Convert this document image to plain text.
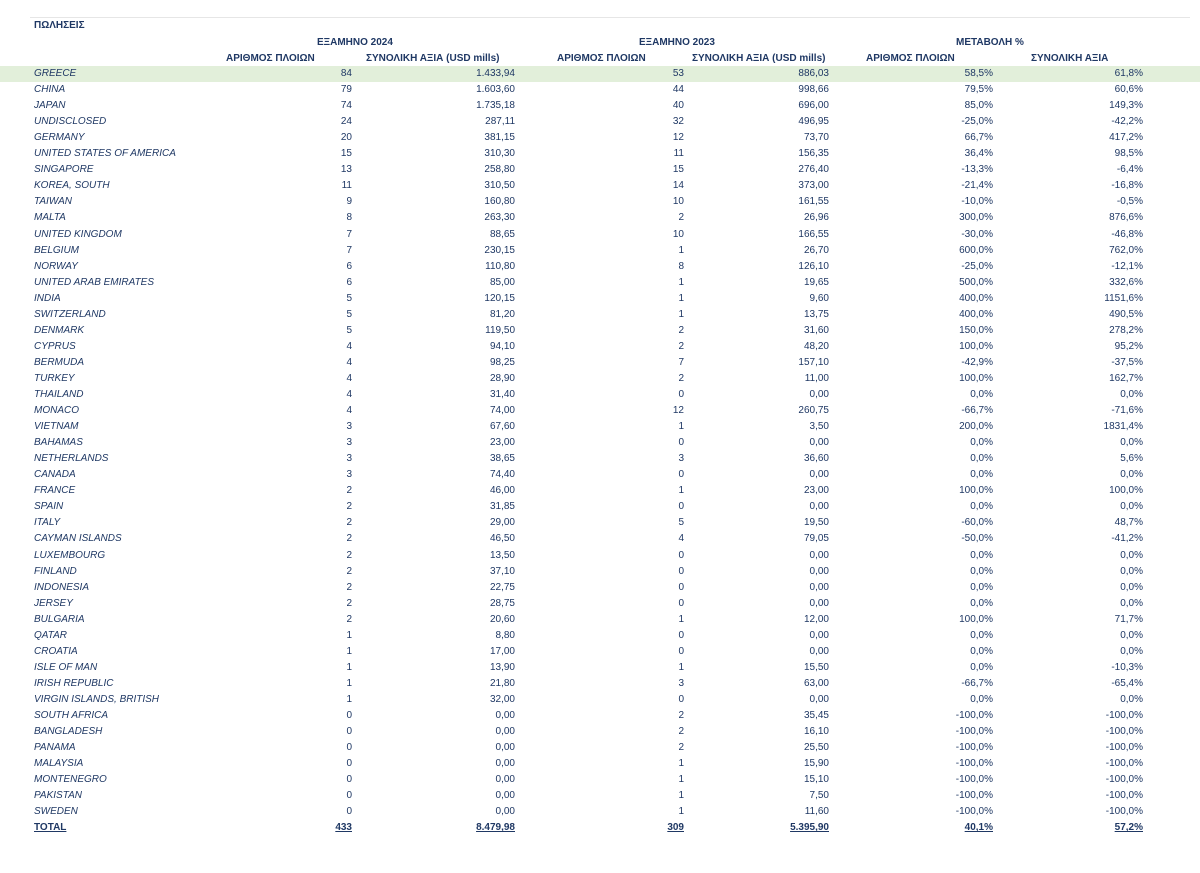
ΠΩΛΗΣΕΙΣ
ΕΞΑΜΗΝΟ 2024	ΕΞΑΜΗΝΟ 2023	ΜΕΤΑΒΟΛΗ %
ΑΡΙΘΜΟΣ ΠΛΟΙΩΝ	ΣΥΝΟΛΙΚΗ ΑΞΙΑ (USD mills)	ΑΡΙΘΜΟΣ ΠΛΟΙΩΝ	ΣΥΝΟΛΙΚΗ ΑΞΙΑ (USD mills)	ΑΡΙΘΜΟΣ ΠΛΟΙΩΝ	ΣΥΝΟΛΙΚΗ ΑΞΙΑ
GREECE	84	1.433,94	53	886,03	58,5%	61,8%
CHINA	79	1.603,60	44	998,66	79,5%	60,6%
JAPAN	74	1.735,18	40	696,00	85,0%	149,3%
UNDISCLOSED	24	287,11	32	496,95	-25,0%	-42,2%
GERMANY	20	381,15	12	73,70	66,7%	417,2%
UNITED STATES OF AMERICA	15	310,30	11	156,35	36,4%	98,5%
SINGAPORE	13	258,80	15	276,40	-13,3%	-6,4%
KOREA, SOUTH	11	310,50	14	373,00	-21,4%	-16,8%
TAIWAN	9	160,80	10	161,55	-10,0%	-0,5%
MALTA	8	263,30	2	26,96	300,0%	876,6%
UNITED KINGDOM	7	88,65	10	166,55	-30,0%	-46,8%
BELGIUM	7	230,15	1	26,70	600,0%	762,0%
NORWAY	6	110,80	8	126,10	-25,0%	-12,1%
UNITED ARAB EMIRATES	6	85,00	1	19,65	500,0%	332,6%
INDIA	5	120,15	1	9,60	400,0%	1151,6%
SWITZERLAND	5	81,20	1	13,75	400,0%	490,5%
DENMARK	5	119,50	2	31,60	150,0%	278,2%
CYPRUS	4	94,10	2	48,20	100,0%	95,2%
BERMUDA	4	98,25	7	157,10	-42,9%	-37,5%
TURKEY	4	28,90	2	11,00	100,0%	162,7%
THAILAND	4	31,40	0	0,00	0,0%	0,0%
MONACO	4	74,00	12	260,75	-66,7%	-71,6%
VIETNAM	3	67,60	1	3,50	200,0%	1831,4%
BAHAMAS	3	23,00	0	0,00	0,0%	0,0%
NETHERLANDS	3	38,65	3	36,60	0,0%	5,6%
CANADA	3	74,40	0	0,00	0,0%	0,0%
FRANCE	2	46,00	1	23,00	100,0%	100,0%
SPAIN	2	31,85	0	0,00	0,0%	0,0%
ITALY	2	29,00	5	19,50	-60,0%	48,7%
CAYMAN ISLANDS	2	46,50	4	79,05	-50,0%	-41,2%
LUXEMBOURG	2	13,50	0	0,00	0,0%	0,0%
FINLAND	2	37,10	0	0,00	0,0%	0,0%
INDONESIA	2	22,75	0	0,00	0,0%	0,0%
JERSEY	2	28,75	0	0,00	0,0%	0,0%
BULGARIA	2	20,60	1	12,00	100,0%	71,7%
QATAR	1	8,80	0	0,00	0,0%	0,0%
CROATIA	1	17,00	0	0,00	0,0%	0,0%
ISLE OF MAN	1	13,90	1	15,50	0,0%	-10,3%
IRISH REPUBLIC	1	21,80	3	63,00	-66,7%	-65,4%
VIRGIN ISLANDS, BRITISH	1	32,00	0	0,00	0,0%	0,0%
SOUTH AFRICA	0	0,00	2	35,45	-100,0%	-100,0%
BANGLADESH	0	0,00	2	16,10	-100,0%	-100,0%
PANAMA	0	0,00	2	25,50	-100,0%	-100,0%
MALAYSIA	0	0,00	1	15,90	-100,0%	-100,0%
MONTENEGRO	0	0,00	1	15,10	-100,0%	-100,0%
PAKISTAN	0	0,00	1	7,50	-100,0%	-100,0%
SWEDEN	0	0,00	1	11,60	-100,0%	-100,0%
TOTAL	433	8.479,98	309	5.395,90	40,1%	57,2%
